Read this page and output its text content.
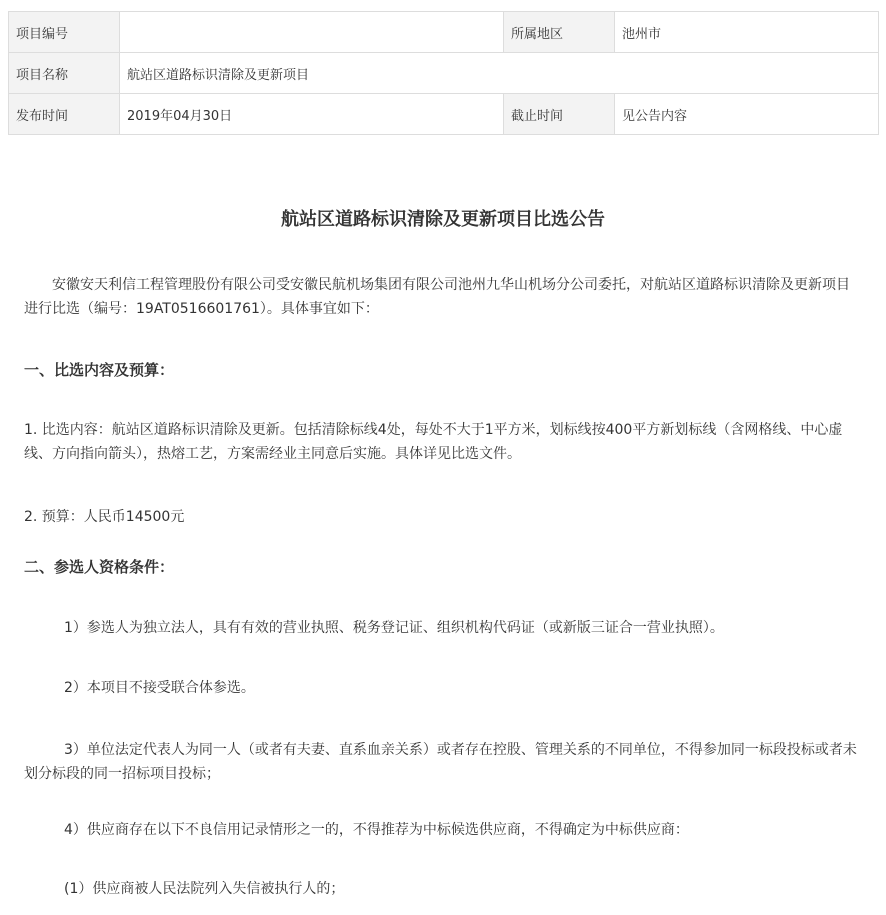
项目编号		所属地区	池州市
项目名称	航站区道路标识清除及更新项目		
发布时间	2019年04月30日	截止时间	见公告内容
航站区道路标识清除及更新项目比选公告
安徽安天利信工程管理股份有限公司受安徽民航机场集团有限公司池州九华山机场分公司委托，对航站区道路标识清除及更新项目进行比选（编号：19AT0516601761）。具体事宜如下：
一、比选内容及预算：
1. 比选内容：航站区道路标识清除及更新。包括清除标线4处，每处不大于1平方米，划标线按400平方新划标线（含网格线、中心虚线、方向指向箭头），热熔工艺，方案需经业主同意后实施。具体详见比选文件。
2. 预算：人民币14500元
二、参选人资格条件：
1）参选人为独立法人，具有有效的营业执照、税务登记证、组织机构代码证（或新版三证合一营业执照）。
2）本项目不接受联合体参选。
3）单位法定代表人为同一人（或者有夫妻、直系血亲关系）或者存在控股、管理关系的不同单位，不得参加同一标段投标或者未划分标段的同一招标项目投标；
4）供应商存在以下不良信用记录情形之一的，不得推荐为中标候选供应商，不得确定为中标供应商：
(1）供应商被人民法院列入失信被执行人的；
